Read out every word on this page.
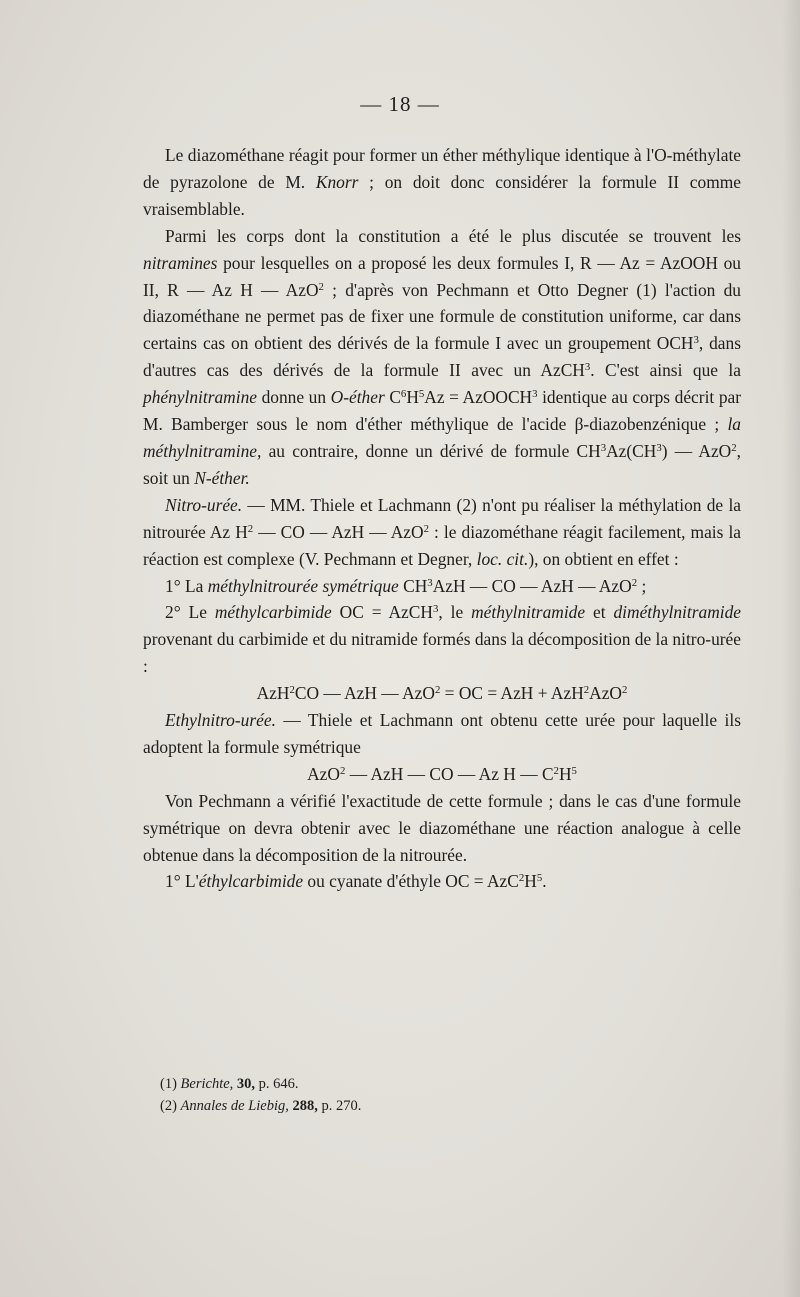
— 18 —

Le diazométhane réagit pour former un éther méthylique identique à l'O-méthylate de pyrazolone de M. Knorr ; on doit donc considérer la formule II comme vraisemblable.

Parmi les corps dont la constitution a été le plus discutée se trouvent les nitramines pour lesquelles on a proposé les deux formules I, R — Az = AzOOH ou II, R — Az H — AzO$^2$ ; d'après von Pechmann et Otto Degner (1) l'action du diazométhane ne permet pas de fixer une formule de constitution uniforme, car dans certains cas on obtient des dérivés de la formule I avec un groupement OCH$^3$, dans d'autres cas des dérivés de la formule II avec un AzCH$^3$. C'est ainsi que la phénylnitramine donne un O-éther $C^6H^5Az$ = AzOOCH$^3$ identique au corps décrit par M. Bamberger sous le nom d'éther méthylique de l'acide β-diazobenzénique ; la méthylnitramine, au contraire, donne un dérivé de formule $CH^3Az(CH^3)$ — AzO$^2$, soit un N-éther.

Nitro-urée. — MM. Thiele et Lachmann (2) n'ont pu réaliser la méthylation de la nitrourée Az $H^2$ — CO — AzH — AzO$^2$ : le diazométhane réagit facilement, mais la réaction est complexe (V. Pechmann et Degner, loc. cit.), on obtient en effet :

1° La méthylnitrourée symétrique $CH^3AzH$ — CO — AzH — AzO$^2$ ;

2° Le méthylcarbimide OC = AzCH$^3$, le méthylnitramide et diméthylnitramide provenant du carbimide et du nitramide formés dans la décomposition de la nitro-urée :

AzH$^2$CO — AzH — AzO$^2$ = OC = AzH + AzH$^2$AzO$^2$

Ethylnitro-urée. — Thiele et Lachmann ont obtenu cette urée pour laquelle ils adoptent la formule symétrique

AzO$^2$ — AzH — CO — Az H — $C^2H^5$

Von Pechmann a vérifié l'exactitude de cette formule ; dans le cas d'une formule symétrique on devra obtenir avec le diazométhane une réaction analogue à celle obtenue dans la décomposition de la nitrourée.

1° L'éthylcarbimide ou cyanate d'éthyle OC = $AzC^2H^5$.

(1) Berichte, 30, p. 646.

(2) Annales de Liebig, 288, p. 270.
